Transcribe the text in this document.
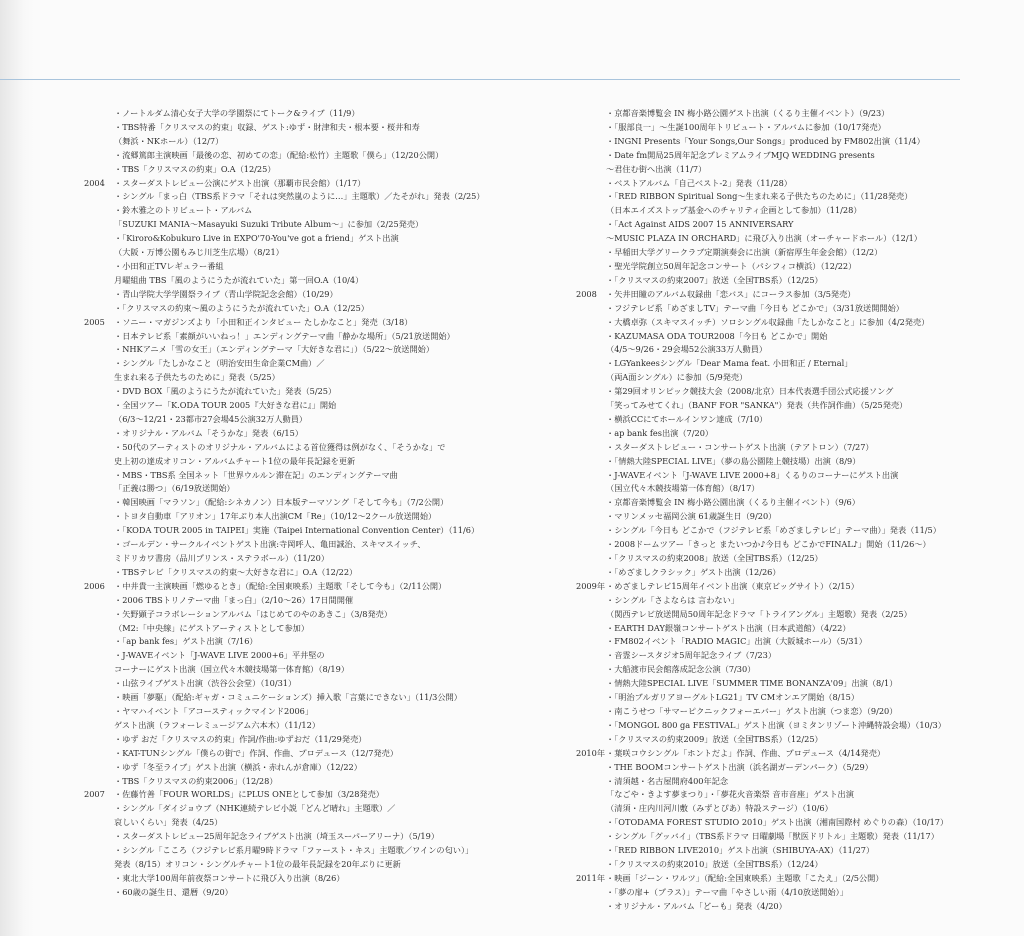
・ノートルダム清心女子大学の学園祭にてトーク&ライブ（11/9）
・TBS特番「クリスマスの約束」収録、ゲスト:ゆず・財津和夫・根本要・桜井和寿
（舞浜・NKホール）（12/7）
・流郷篤郎主演映画「最後の恋、初めての恋」（配給:松竹）主題歌「僕ら」（12/20公開）
・TBS「クリスマスの約束」O.A（12/25）
2004	・スターダストレビュー公演にゲスト出演（那覇市民会館）（1/17）
・シングル「まっ白（TBS系ドラマ「それは突然嵐のように…」主題歌）／たそがれ」発表（2/25）
・鈴木雅之のトリビュート・アルバム
「SUZUKI MANIA～Masayuki Suzuki Tribute Album～」に参加（2/25発売）
・「Kiroro&Kobukuro Live in EXPO'70-You've got a friend」ゲスト出演
（大阪・万博公園もみじ川芝生広場）（8/21）
・小田和正TVレギュラー番組
月曜組曲 TBS「風のようにうたが流れていた」第一回O.A（10/4）
・青山学院大学学園祭ライブ（青山学院記念会館）（10/29）
・「クリスマスの約束～風のようにうたが流れていた」O.A（12/25）
2005	・ソニー・マガジンズより「小田和正インタビュー たしかなこと」発売（3/18）
・日本テレビ系「素顔がいいねっ！」エンディングテーマ曲「静かな場所」（5/21放送開始）
・NHKアニメ「雪の女王」（エンディングテーマ「大好きな君に」）（5/22～放送開始）
・シングル「たしかなこと（明治安田生命企業CM曲）／
生まれ来る子供たちのために」発表（5/25）
・DVD BOX「風のようにうたが流れていた」発表（5/25）
・全国ツアー「K.ODA TOUR 2005『大好きな君に』」開始
（6/3～12/21・23都市27会場45公演32万人動員）
・オリジナル・アルバム「そうかな」発表（6/15）
・50代のアーティストのオリジナル・アルバムによる首位獲得は例がなく、「そうかな」で
史上初の達成オリコン・アルバムチャート1位の最年長記録を更新
・MBS・TBS系 全国ネット「世界ウルルン滞在記」のエンディングテーマ曲
「正義は勝つ」（6/19放送開始）
・韓国映画「マラソン」（配給:シネカノン）日本版テーマソング「そして今も」（7/2公開）
・トヨタ自動車「アリオン」17年ぶり本人出演CM「Re」（10/12～2クール放送開始）
・「KODA TOUR 2005 in TAIPEI」実施（Taipei International Convention Center）（11/6）
・ゴールデン・サークルイベントゲスト出演:寺岡呼人、亀田誠治、スキマスイッチ、
ミドリカワ書房（品川プリンス・ステラボール）（11/20）
・TBSテレビ「クリスマスの約束～大好きな君に」O.A（12/22）
2006	・中井貴一主演映画「燃ゆるとき」（配給:全国東映系）主題歌「そして今も」（2/11公開）
・2006 TBSトリノテーマ曲「まっ白」（2/10～26）17日間開催
・矢野顕子コラボレーションアルバム「はじめてのやのあきこ」（3/8発売）
（M2:「中央線」にゲストアーティストとして参加）
・「ap bank fes」ゲスト出演（7/16）
・J-WAVEイベント「J-WAVE LIVE 2000+6」平井堅の
コーナーにゲスト出演（国立代々木競技場第一体育館）（8/19）
・山弦ライブゲスト出演（渋谷公会堂）（10/31）
・映画「夢駆」（配給:ギャガ・コミュニケーションズ）挿入歌「言葉にできない」（11/3公開）
・ヤマハイベント「アコースティックマインド2006」
ゲスト出演（ラフォーレミュージアム六本木）（11/12）
・ゆず おだ「クリスマスの約束」作詞/作曲:ゆずおだ（11/29発売）
・KAT-TUNシングル「僕らの街で」作詞、作曲、プロデュース（12/7発売）
・ゆず「冬至ライブ」ゲスト出演（横浜・赤れんが倉庫）（12/22）
・TBS「クリスマスの約束2006」（12/28）
2007	・佐藤竹善「FOUR WORLDS」にPLUS ONEとして参加（3/28発売）
・シングル「ダイジョウブ（NHK連続テレビ小説「どんど晴れ」主題歌）／
哀しいくらい」発表（4/25）
・スターダストレビュー25周年記念ライブゲスト出演（埼玉スーパーアリーナ）（5/19）
・シングル「こころ（フジテレビ系月曜9時ドラマ「ファースト・キス」主題歌／ワインの匂い）」
発表（8/15）オリコン・シングルチャート1位の最年長記録を20年ぶりに更新
・東北大学100周年前夜祭コンサートに飛び入り出演（8/26）
・60歳の誕生日、還暦（9/20）
・京都音楽博覧会 IN 梅小路公園ゲスト出演（くるり主催イベント）（9/23）
・「服部良一」～生誕100周年トリビュート・アルバムに参加（10/17発売）
・INGNI Presents「Your Songs,Our Songs」produced by FM802出演（11/4）
・Date fm開局25周年記念プレミアムライブMJQ WEDDING presents
～君住む街へ出演（11/7）
・ベストアルバム「自己ベスト-2」発表（11/28）
・「RED RIBBON Spiritual Song～生まれ来る子供たちのために」（11/28発売）
（日本エイズストップ基金へのチャリティ企画として参加）（11/28）
・「Act Against AIDS 2007 15 ANNIVERSARY
～MUSIC PLAZA IN ORCHARD」に飛び入り出演（オーチャードホール）（12/1）
・早稲田大学グリークラブ定期演奏会に出演（新宿厚生年金会館）（12/2）
・聖光学院創立50周年記念コンサート（パシフィコ横浜）（12/22）
・「クリスマスの約束2007」放送（全国TBS系）（12/25）
2008	・矢井田瞳のアルバム収録曲「恋バス」にコーラス参加（3/5発売）
・フジテレビ系「めざましTV」テーマ曲「今日も どこかで」（3/31放送開開始）
・大橋卓弥（スキマスイッチ）ソロシングル収録曲「たしかなこと」に参加（4/2発売）
・KAZUMASA ODA TOUR2008「今日も どこかで」開始
（4/5～9/26・29会場52公演33万人動員）
・LGYankeesシングル「Dear Mama feat. 小田和正 / Eternal」
（両A面シングル）に参加（5/9発売）
・第29回オリンピック競技大会（2008/北京）日本代表選手団公式応援ソング
「笑ってみせてくれ」（BANF FOR "SANKA"）発表（共作詞作曲）（5/25発売）
・横浜CCにてホールインワン達成（7/10）
・ap bank fes出演（7/20）
・スターダストレビュー・コンサートゲスト出演（テアトロン）（7/27）
・「情熱大陸SPECIAL LIVE」（夢の島公園陸上競技場）出演（8/9）
・J-WAVEイベント「J-WAVE LIVE 2000+8」くるりのコーナーにゲスト出演
（国立代々木競技場第一体育館）（8/17）
・京都音楽博覧会 IN 梅小路公園出演（くるり主催イベント）（9/6）
・マリンメッセ福岡公演 61歳誕生日（9/20）
・シングル「今日も どこかで（フジテレビ系「めざましテレビ」テーマ曲）」発表（11/5）
・2008ドームツアー「きっと またいつか♪今日も どこかでFINAL♪」開始（11/26～）
・「クリスマスの約束2008」放送（全国TBS系）（12/25）
・「めざましクラシック」ゲスト出演（12/26）
2009年 ・めざましテレビ15周年イベント出演（東京ビッグサイト）（2/15）
・シングル「さよならは 言わない」
（関西テレビ放送開局50周年記念ドラマ「トライアングル」主題歌）発表（2/25）
・EARTH DAY銀嶺コンサートゲスト出演（日本武道館）（4/22）
・FM802イベント「RADIO MAGIC」出演（大阪城ホール）（5/31）
・音霊シースタジオ5周年記念ライブ（7/23）
・大船渡市民会館落成記念公演（7/30）
・情熱大陸SPECIAL LIVE「SUMMER TIME BONANZA'09」出演（8/1）
・「明治ブルガリアヨーグルトLG21」TV CMオンエア開始（8/15）
・南こうせつ「サマーピクニックフォーエバー」ゲスト出演（つま恋）（9/20）
・「MONGOL 800 ga FESTIVAL」ゲスト出演（ヨミタンリゾート沖縄特設会場）（10/3）
・「クリスマスの約束2009」放送（全国TBS系）（12/25）
2010年 ・葉咲コウシングル「ホントだよ」作詞、作曲、プロデュース（4/14発売）
・THE BOOMコンサートゲスト出演（浜名湖ガーデンパーク）（5/29）
・清須越・名古屋開府400年記念
「なごや・きよす夢まつり」・「夢花火音楽祭 音市音座」ゲスト出演
（清須・庄内川河川敷（みずとぴあ）特設ステージ）（10/6）
・「OTODAMA FOREST STUDIO 2010」ゲスト出演（湘南国際村 めぐりの森）（10/17）
・シングル「グッバイ」（TBS系ドラマ 日曜劇場「獣医ドリトル」主題歌）発表（11/17）
・「RED RIBBON LIVE2010」ゲスト出演（SHIBUYA-AX）（11/27）
・「クリスマスの約束2010」放送（全国TBS系）（12/24）
2011年 ・映画「ジーン・ワルツ」（配給:全国東映系）主題歌「こたえ」（2/5公開）
・「夢の扉+（プラス）」テーマ曲「やさしい雨（4/10放送開始）」
・オリジナル・アルバム「どーも」発表（4/20）
